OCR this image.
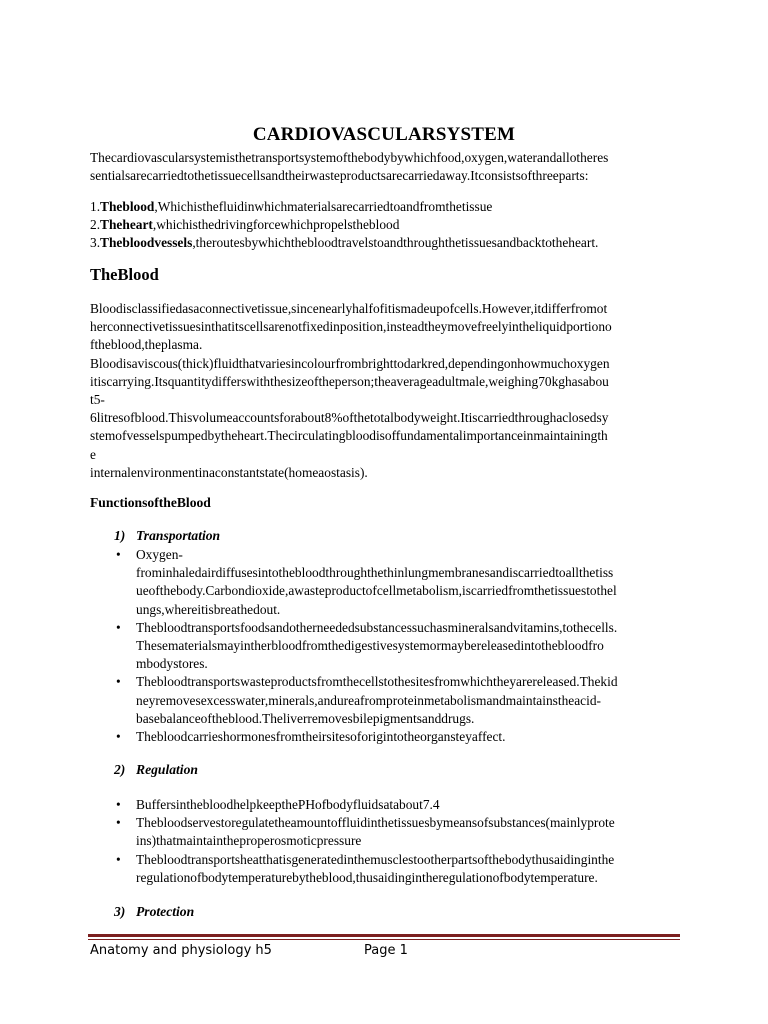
CARDIOVASCULARSYSTEM
Thecardiovascularsystemisthetransportsystemofthebodybywhichfood,oxygen,waterandallotheres
sentialsarecarriedtothetissuecellsandtheirwasteproductsarecarriedaway.Itconsistsofthreeparts:
1.Theblood,Whichisthefluidinwhichmaterialsarecarriedtoandfromthetissue
2.Theheart,whichisthedrivingforcewhichpropelstheblood
3.Thebloodvessels,theroutesbywhichthebloodtravelstoandthroughthetissuesandbacktotheheart.
TheBlood
Bloodisclassifiedasaconnectivetissue,sincenearlyhalfofitismadeupofcells.However,itdifferfromot
herconnectivetissuesinthatitscellsarenotfixedinposition,insteadtheymovefreelyintheliquidportiono
ftheblood,theplasma.
Bloodisaviscous(thick)fluidthatvariesincolourfrombrighttodarkred,dependingonhowmuchoxygen
itiscarrying.Itsquantitydifferswiththesizeoftheperson;theaverageadultmale,weighing70kghasabou
t5-
6litresofblood.Thisvolumeaccountsforabout8%ofthetotalbodyweight.Itiscarriedthroughaclosedsy
stemofvesselspumpedbytheheart.Thecirculatingbloodisoffundamentalimportanceinmaintainingth
e
internalenvironmentinaconstantstate(homeaostasis).
FunctionsoftheBlood
1) Transportation
• Oxygen-
frominhaledairdiffusesintothebloodthroughthethinlungmembranesandiscarriedtoallthetiss
ueofthebody.Carbondioxide,awasteproductofcellmetabolism,iscarriedfromthetissuestothel
ungs,whereitisbreathedout.
• Thebloodtransportsfoodsandotherneededsubstancessuchasmineralsandvitamins,tothecells.
Thesematerialsmayintherbloodfromthedigestivesystemormaybereleasedintothebloodfro
mbodystores.
• Thebloodtransportswasteproductsfromthecellstothesitesfromwhichtheyarereleased.Thekid
neyremovesexcesswater,minerals,andureafromproteinmetabolismandmaintainstheacid-
basebalanceoftheblood.Theliverremovesbilepigmentsanddrugs.
• Thebloodcarrieshormonesfromtheirsitesoforigintotheorgansteyaffect.
2) Regulation
• BuffersinthebloodhelpkeepthePHofbodyfluidsatabout7.4
• Thebloodservestoregulatetheamountoffluidinthetissuesbymeansofsubstances(mainlyprote
ins)thatmaintaintheproperosmoticpressure
• Thebloodtransportsheatthatisgeneratedinthemusclestootherpartsofthebodythusaidinginthe
regulationofbodytemperaturebytheblood,thusaidingintheregulationofbodytemperature.
3) Protection
Anatomy and physiology h5	Page 1
